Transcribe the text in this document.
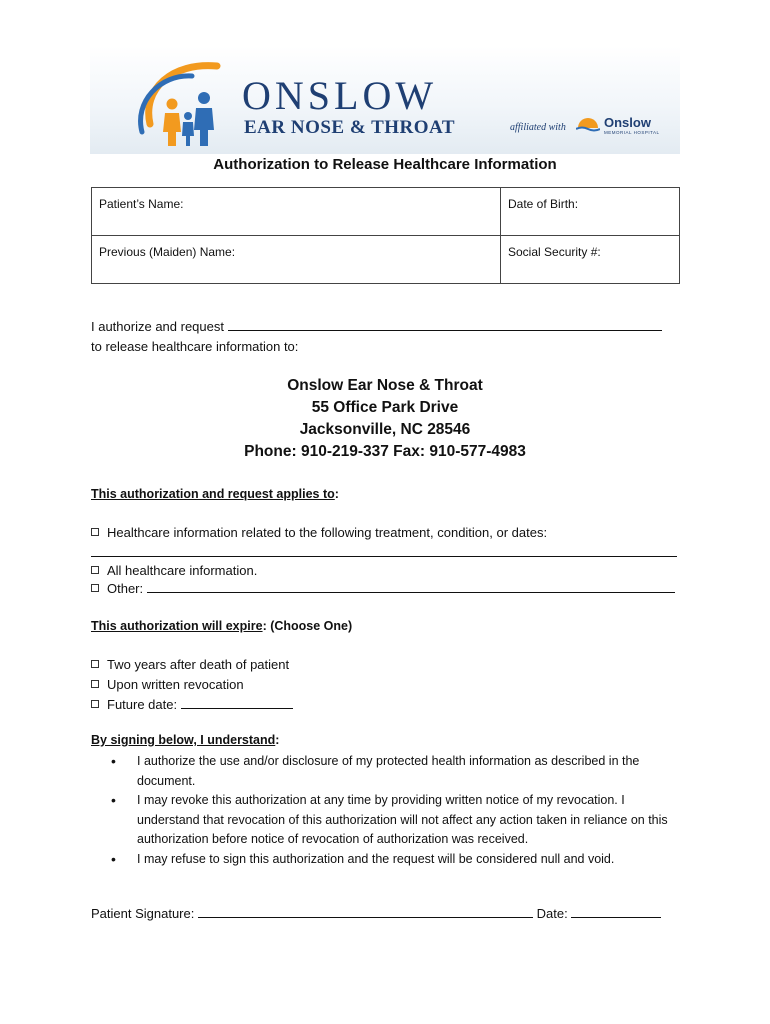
ONSLOW
EAR NOSE & THROAT	affiliated with	Onslow
MEMORIAL HOSPITAL
Authorization to Release Healthcare Information
Patient’s Name:	Date of Birth:
Previous (Maiden) Name:	Social Security #:
I authorize and request
to release healthcare information to:
Onslow Ear Nose & Throat
55 Office Park Drive
Jacksonville, NC 28546
Phone: 910-219-337 Fax: 910-577-4983
This authorization and request applies to:
Healthcare information related to the following treatment, condition, or dates:
All healthcare information.
Other:
This authorization will expire: (Choose One)
Two years after death of patient
Upon written revocation
Future date:
By signing below, I understand:
• I authorize the use and/or disclosure of my protected health information as described in the document.
• I may revoke this authorization at any time by providing written notice of my revocation. I understand that revocation of this authorization will not affect any action taken in reliance on this authorization before notice of revocation of authorization was received.
• I may refuse to sign this authorization and the request will be considered null and void.
Patient Signature:	Date:
